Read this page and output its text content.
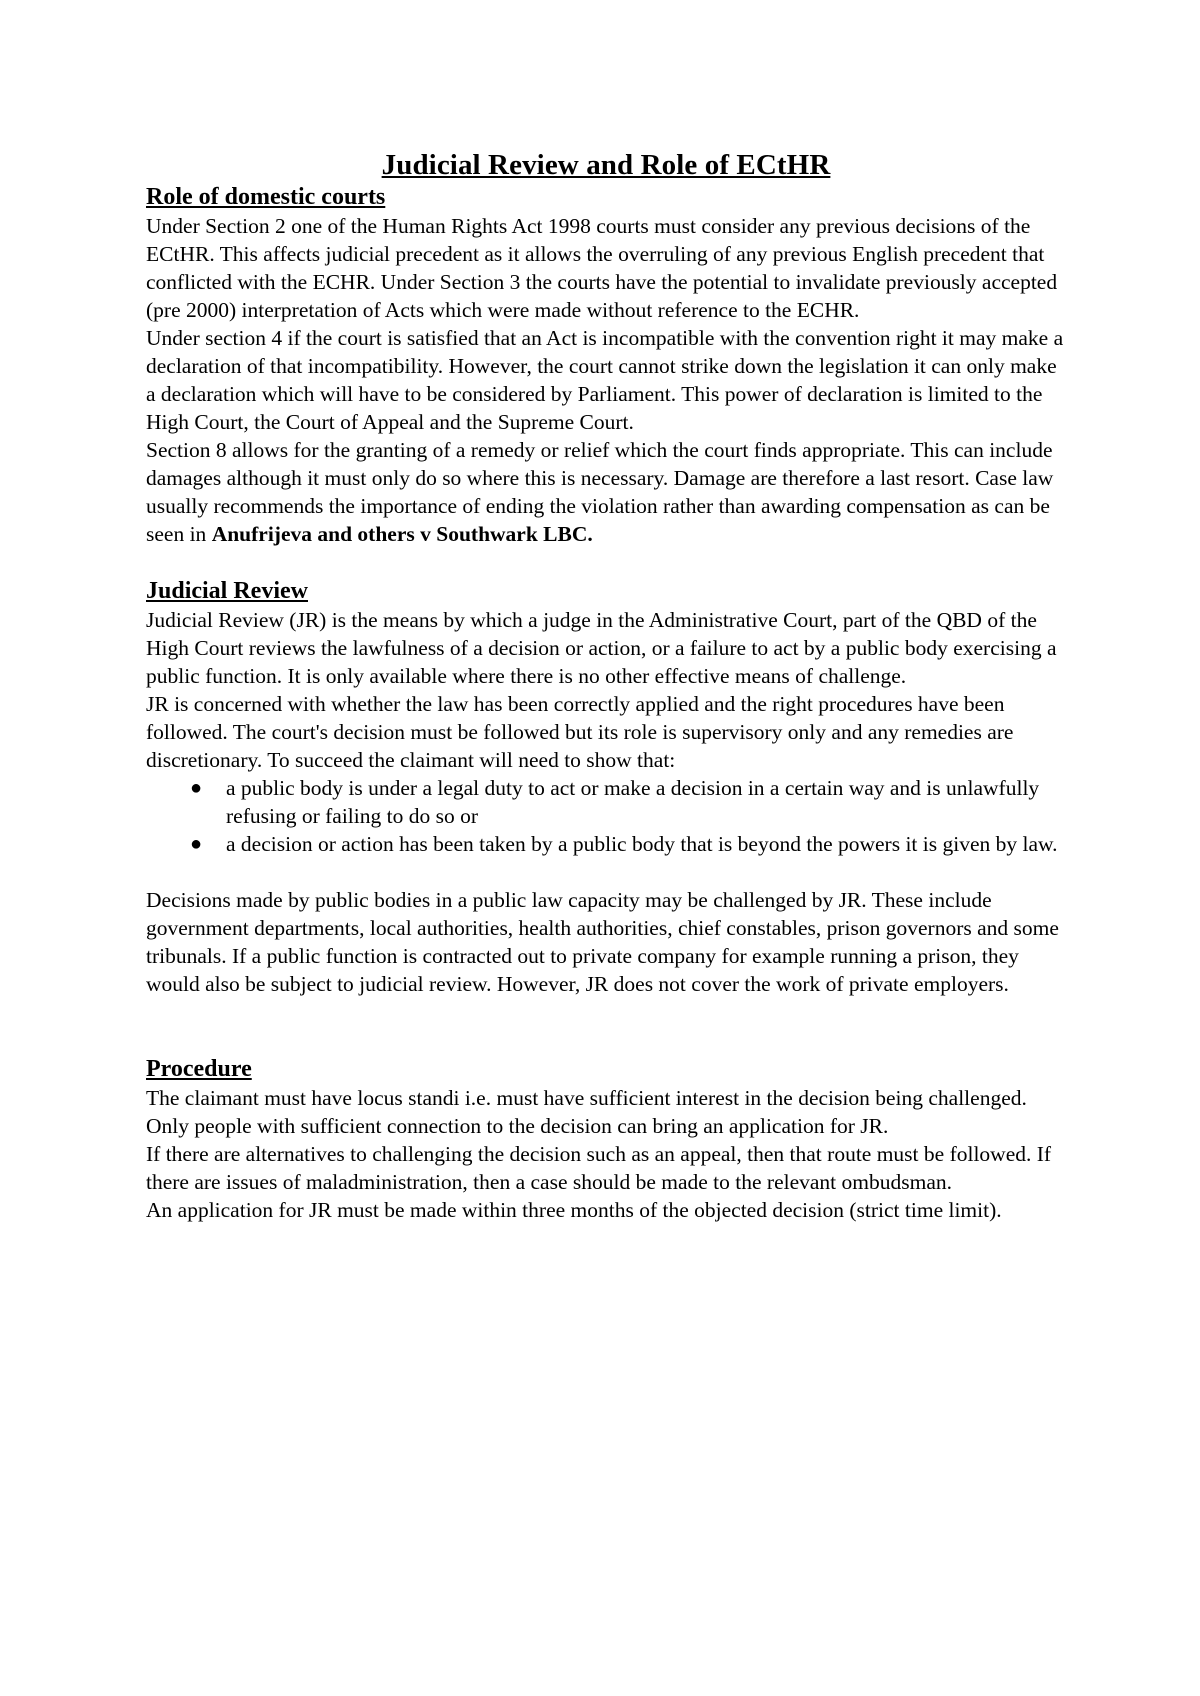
Judicial Review and Role of ECtHR
Role of domestic courts

Under Section 2 one of the Human Rights Act 1998 courts must consider any previous decisions of the ECtHR. This affects judicial precedent as it allows the overruling of any previous English precedent that conflicted with the ECHR. Under Section 3 the courts have the potential to invalidate previously accepted (pre 2000) interpretation of Acts which were made without reference to the ECHR.

Under section 4 if the court is satisfied that an Act is incompatible with the convention right it may make a declaration of that incompatibility. However, the court cannot strike down the legislation it can only make a declaration which will have to be considered by Parliament. This power of declaration is limited to the High Court, the Court of Appeal and the Supreme Court.

Section 8 allows for the granting of a remedy or relief which the court finds appropriate. This can include damages although it must only do so where this is necessary. Damage are therefore a last resort. Case law usually recommends the importance of ending the violation rather than awarding compensation as can be seen in Anufrijeva and others v Southwark LBC.

Judicial Review

Judicial Review (JR) is the means by which a judge in the Administrative Court, part of the QBD of the High Court reviews the lawfulness of a decision or action, or a failure to act by a public body exercising a public function. It is only available where there is no other effective means of challenge.

JR is concerned with whether the law has been correctly applied and the right procedures have been followed. The court's decision must be followed but its role is supervisory only and any remedies are discretionary. To succeed the claimant will need to show that:

● a public body is under a legal duty to act or make a decision in a certain way and is unlawfully refusing or failing to do so or
● a decision or action has been taken by a public body that is beyond the powers it is given by law.

Decisions made by public bodies in a public law capacity may be challenged by JR. These include government departments, local authorities, health authorities, chief constables, prison governors and some tribunals. If a public function is contracted out to private company for example running a prison, they would also be subject to judicial review. However, JR does not cover the work of private employers.

Procedure

The claimant must have locus standi i.e. must have sufficient interest in the decision being challenged. Only people with sufficient connection to the decision can bring an application for JR.

If there are alternatives to challenging the decision such as an appeal, then that route must be followed. If there are issues of maladministration, then a case should be made to the relevant ombudsman.

An application for JR must be made within three months of the objected decision (strict time limit).
